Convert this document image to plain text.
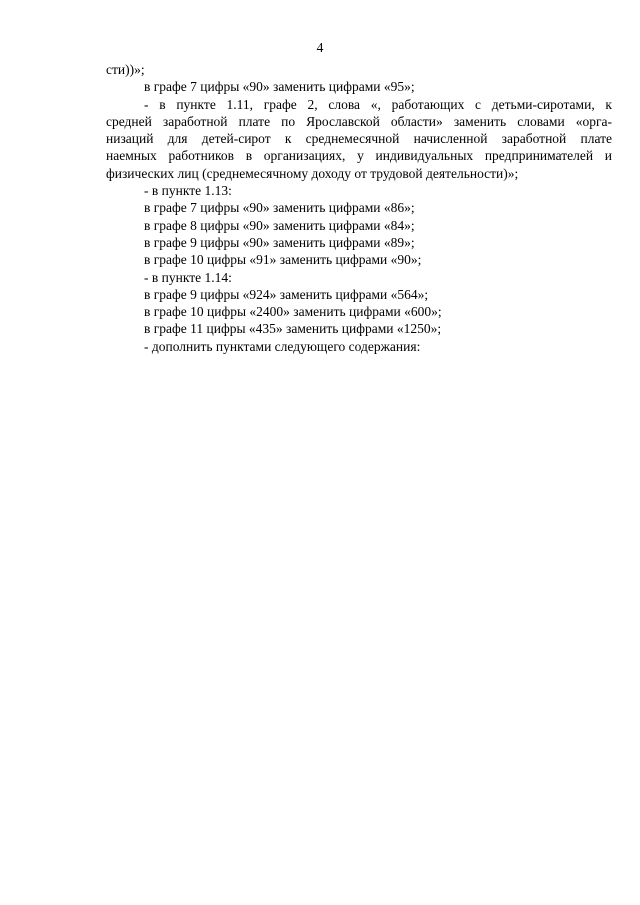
4

сти))»;

в графе 7 цифры «90» заменить цифрами «95»;

- в пункте 1.11, графе 2, слова «, работающих с детьми-сиротами, к

средней заработной плате по Ярославской области» заменить словами «орга-

низаций для детей-сирот к среднемесячной начисленной заработной плате

наемных работников в организациях, у индивидуальных предпринимателей и

физических лиц (среднемесячному доходу от трудовой деятельности)»;

- в пункте 1.13:

в графе 7 цифры «90» заменить цифрами «86»;

в графе 8 цифры «90» заменить цифрами «84»;

в графе 9 цифры «90» заменить цифрами «89»;

в графе 10 цифры «91» заменить цифрами «90»;

- в пункте 1.14:

в графе 9 цифры «924» заменить цифрами «564»;

в графе 10 цифры «2400» заменить цифрами «600»;

в графе 11 цифры «435» заменить цифрами «1250»;

- дополнить пунктами следующего содержания:
